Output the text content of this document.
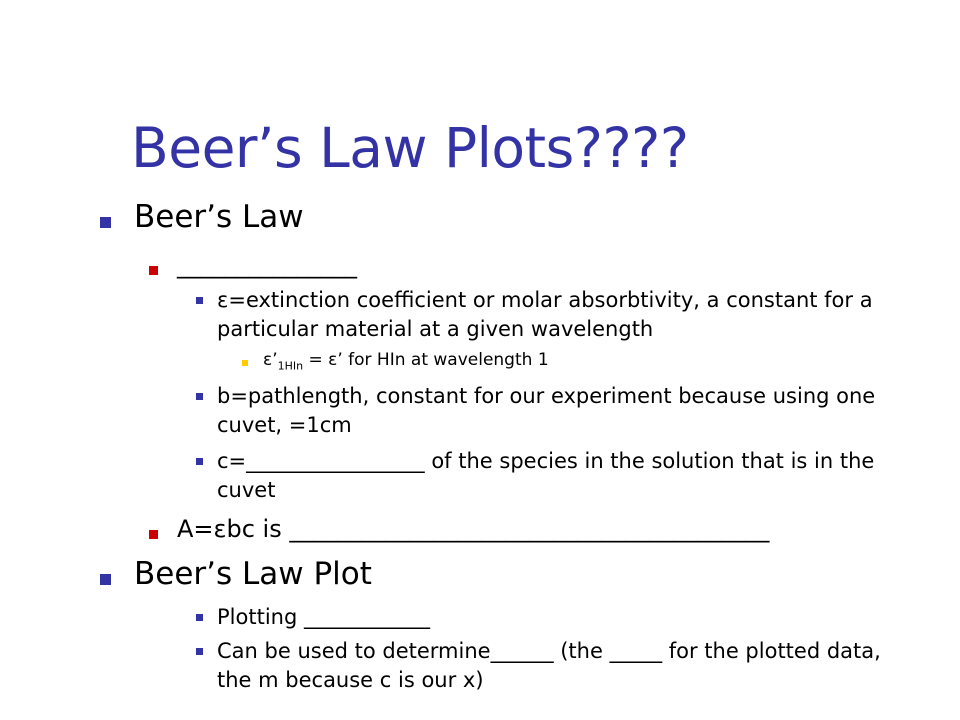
Beer’s Law Plots????
Beer’s Law
_______________
ε=extinction coefficient or molar absorbtivity, a constant for a particular material at a given wavelength
$\varepsilon’_{1HIn} = \varepsilon$’ for HIn at wavelength 1
b=pathlength, constant for our experiment because using one cuvet, =1cm
c=_________________ of the species in the solution that is in the cuvet
A=εbc is ________________________________________
Beer’s Law Plot
Plotting ____________
Can be used to determine______ (the _____ for the plotted data, the m because c is our x)
